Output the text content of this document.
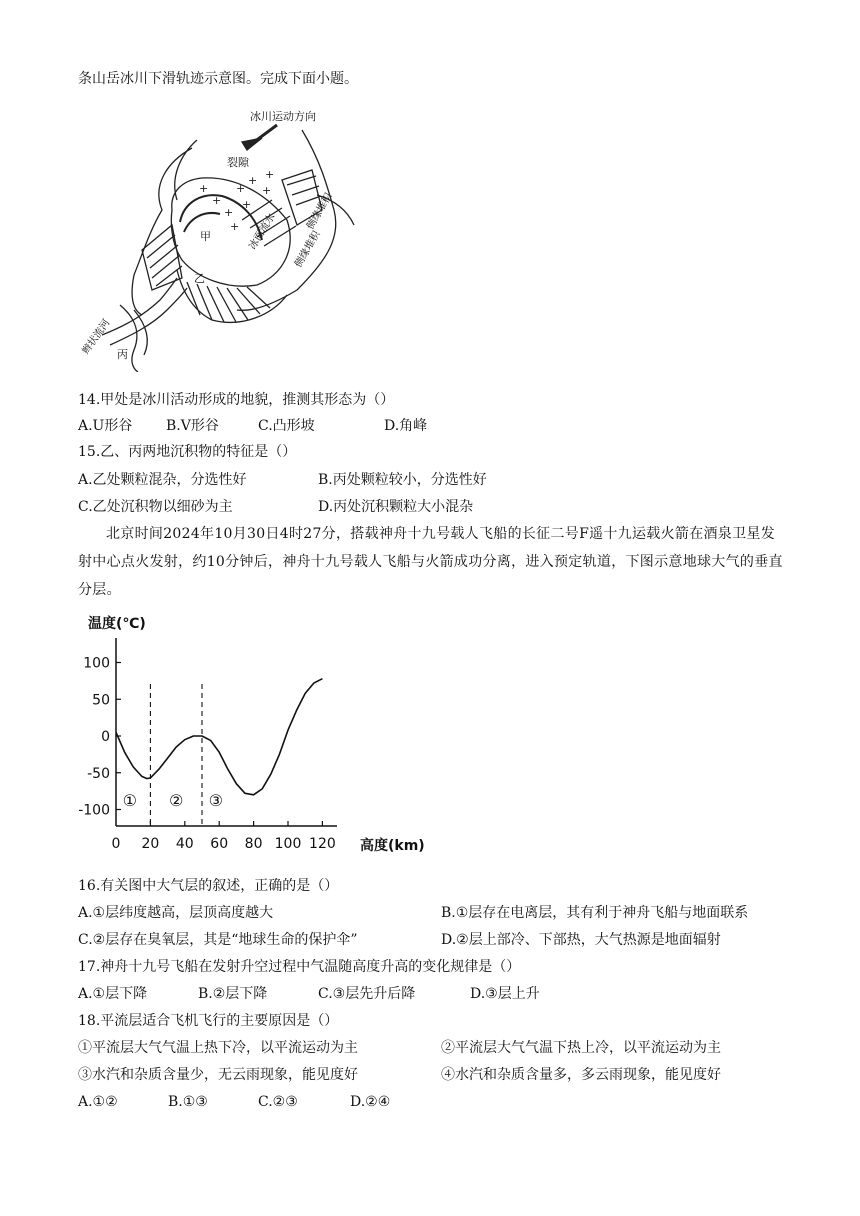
条山岳冰川下滑轨迹示意图。完成下面小题。
+
+
+
+
+ +
+
+
+
冰川运动方向
裂隙
冰面流水
侧缘堆积
侧缘堆积
辫状流河
甲
乙
丙
14.甲处是冰川活动形成的地貌，推测其形态为（）
A.U形谷 B.V形谷	C.凸形坡	D.角峰
15.乙、丙两地沉积物的特征是（）
A.乙处颗粒混杂，分选性好	B.丙处颗粒较小，分选性好
C.乙处沉积物以细砂为主	D.丙处沉积颗粒大小混杂
北京时间2024年10月30日4时27分，搭载神舟十九号载人飞船的长征二号F遥十九运载火箭在酒泉卫星发射中心点火发射，约10分钟后，神舟十九号载人飞船与火箭成功分离，进入预定轨道，下图示意地球大气的垂直分层。
温度(℃)
高度(km)
100
50
0
-50
-100
0 20 40 60 80 100 120
① ② ③
16.有关图中大气层的叙述，正确的是（）
A.①层纬度越高，层顶高度越大	B.①层存在电离层，其有利于神舟飞船与地面联系
C.②层存在臭氧层，其是“地球生命的保护伞”	D.②层上部冷、下部热，大气热源是地面辐射
17.神舟十九号飞船在发射升空过程中气温随高度升高的变化规律是（）
A.①层下降	B.②层下降	C.③层先升后降	D.③层上升
18.平流层适合飞机飞行的主要原因是（）
①平流层大气气温上热下冷，以平流运动为主	②平流层大气气温下热上冷，以平流运动为主
③水汽和杂质含量少，无云雨现象，能见度好	④水汽和杂质含量多，多云雨现象，能见度好
A.①②	B.①③	C.②③	D.②④
